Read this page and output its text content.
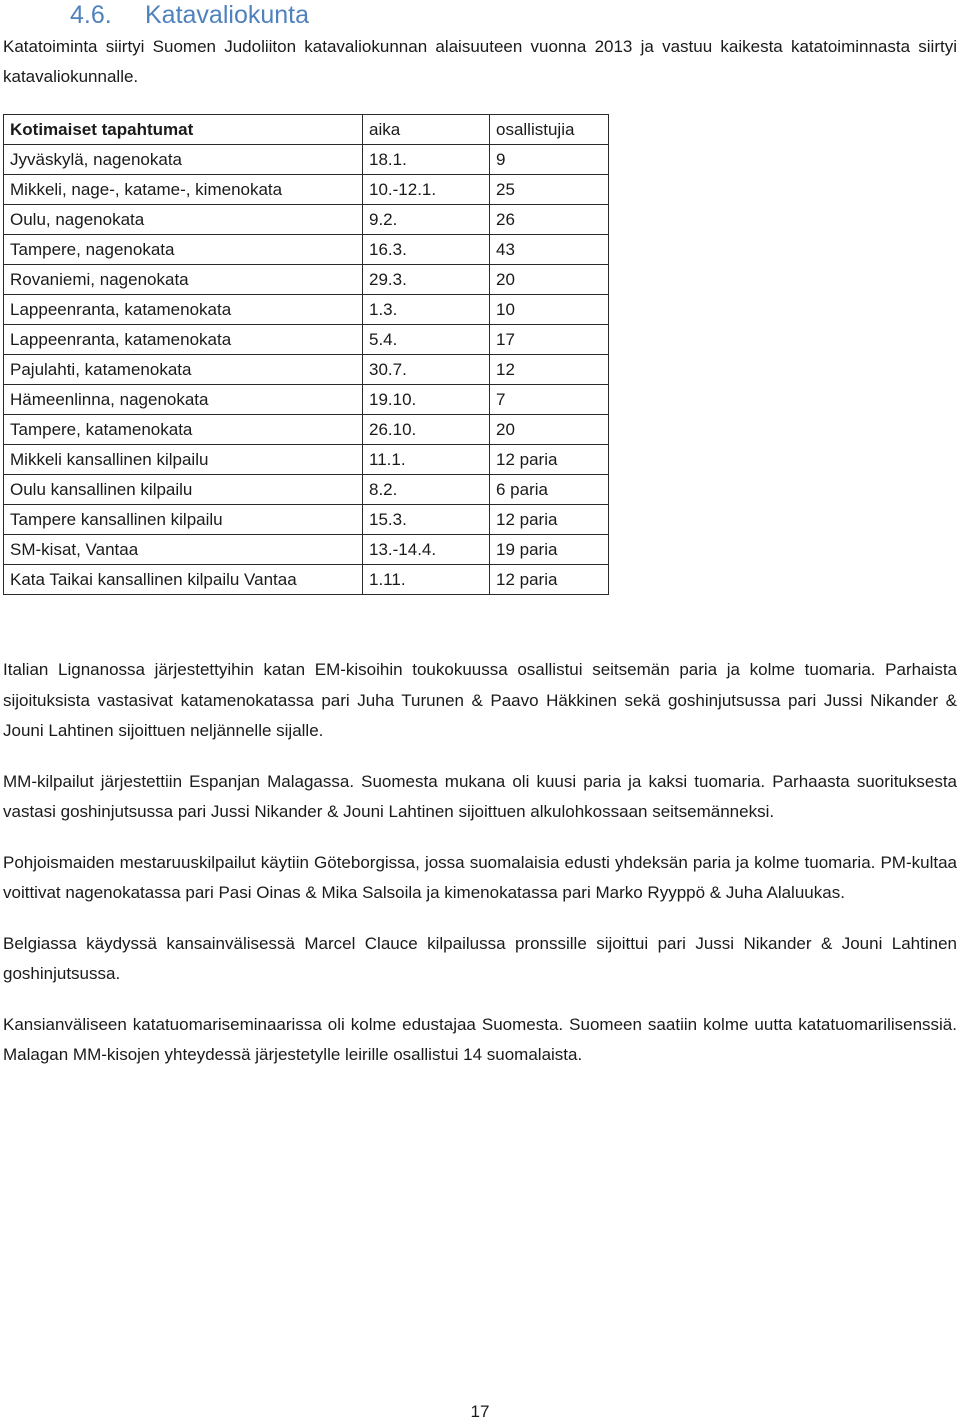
4.6. Katavaliokunta

Katatoiminta siirtyi Suomen Judoliiton katavaliokunnan alaisuuteen vuonna 2013 ja vastuu kaikesta katatoiminnasta siirtyi katavaliokunnalle.

Kotimaiset tapahtumat	aika	osallistujia
Jyväskylä, nagenokata	18.1.	9
Mikkeli, nage-, katame-, kimenokata	10.-12.1.	25
Oulu, nagenokata	9.2.	26
Tampere, nagenokata	16.3.	43
Rovaniemi, nagenokata	29.3.	20
Lappeenranta, katamenokata	1.3.	10
Lappeenranta, katamenokata	5.4.	17
Pajulahti, katamenokata	30.7.	12
Hämeenlinna, nagenokata	19.10.	7
Tampere, katamenokata	26.10.	20
Mikkeli kansallinen kilpailu	11.1.	12 paria
Oulu kansallinen kilpailu	8.2.	6 paria
Tampere kansallinen kilpailu	15.3.	12 paria
SM-kisat, Vantaa	13.-14.4.	19 paria
Kata Taikai kansallinen kilpailu Vantaa	1.11.	12 paria

Italian Lignanossa järjestettyihin katan EM-kisoihin toukokuussa osallistui seitsemän paria ja kolme tuomaria. Parhaista sijoituksista vastasivat katamenokatassa pari Juha Turunen & Paavo Häkkinen sekä goshinjutsussa pari Jussi Nikander & Jouni Lahtinen sijoittuen neljännelle sijalle.

MM-kilpailut järjestettiin Espanjan Malagassa. Suomesta mukana oli kuusi paria ja kaksi tuomaria. Parhaasta suorituksesta vastasi goshinjutsussa pari Jussi Nikander & Jouni Lahtinen sijoittuen alkulohkossaan seitsemänneksi.

Pohjoismaiden mestaruuskilpailut käytiin Göteborgissa, jossa suomalaisia edusti yhdeksän paria ja kolme tuomaria. PM-kultaa voittivat nagenokatassa pari Pasi Oinas & Mika Salsoila ja kimenokatassa pari Marko Ryyppö & Juha Alaluukas.

Belgiassa käydyssä kansainvälisessä Marcel Clauce kilpailussa pronssille sijoittui pari Jussi Nikander & Jouni Lahtinen goshinjutsussa.

Kansianväliseen katatuomariseminaarissa oli kolme edustajaa Suomesta. Suomeen saatiin kolme uutta katatuomarilisenssiä. Malagan MM-kisojen yhteydessä järjestetylle leirille osallistui 14 suomalaista.

17
